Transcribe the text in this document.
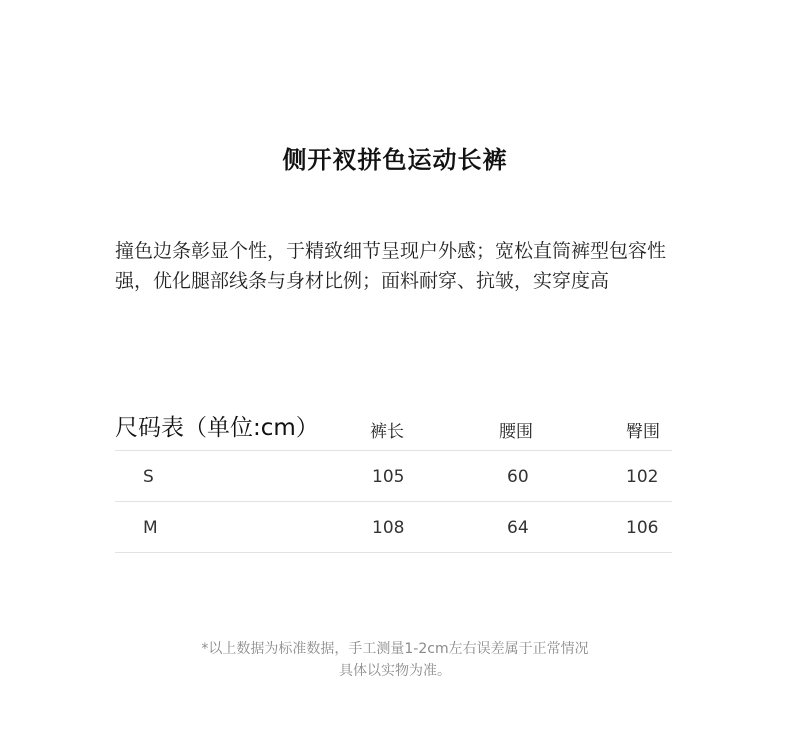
侧开衩拼色运动长裤
撞色边条彰显个性，于精致细节呈现户外感；宽松直筒裤型包容性强，优化腿部线条与身材比例；面料耐穿、抗皱，实穿度高
尺码表（单位:cm）	裤长	腰围	臀围
S	105	60	102
M	108	64	106
*以上数据为标准数据，手工测量1-2cm左右误差属于正常情况
具体以实物为准。
